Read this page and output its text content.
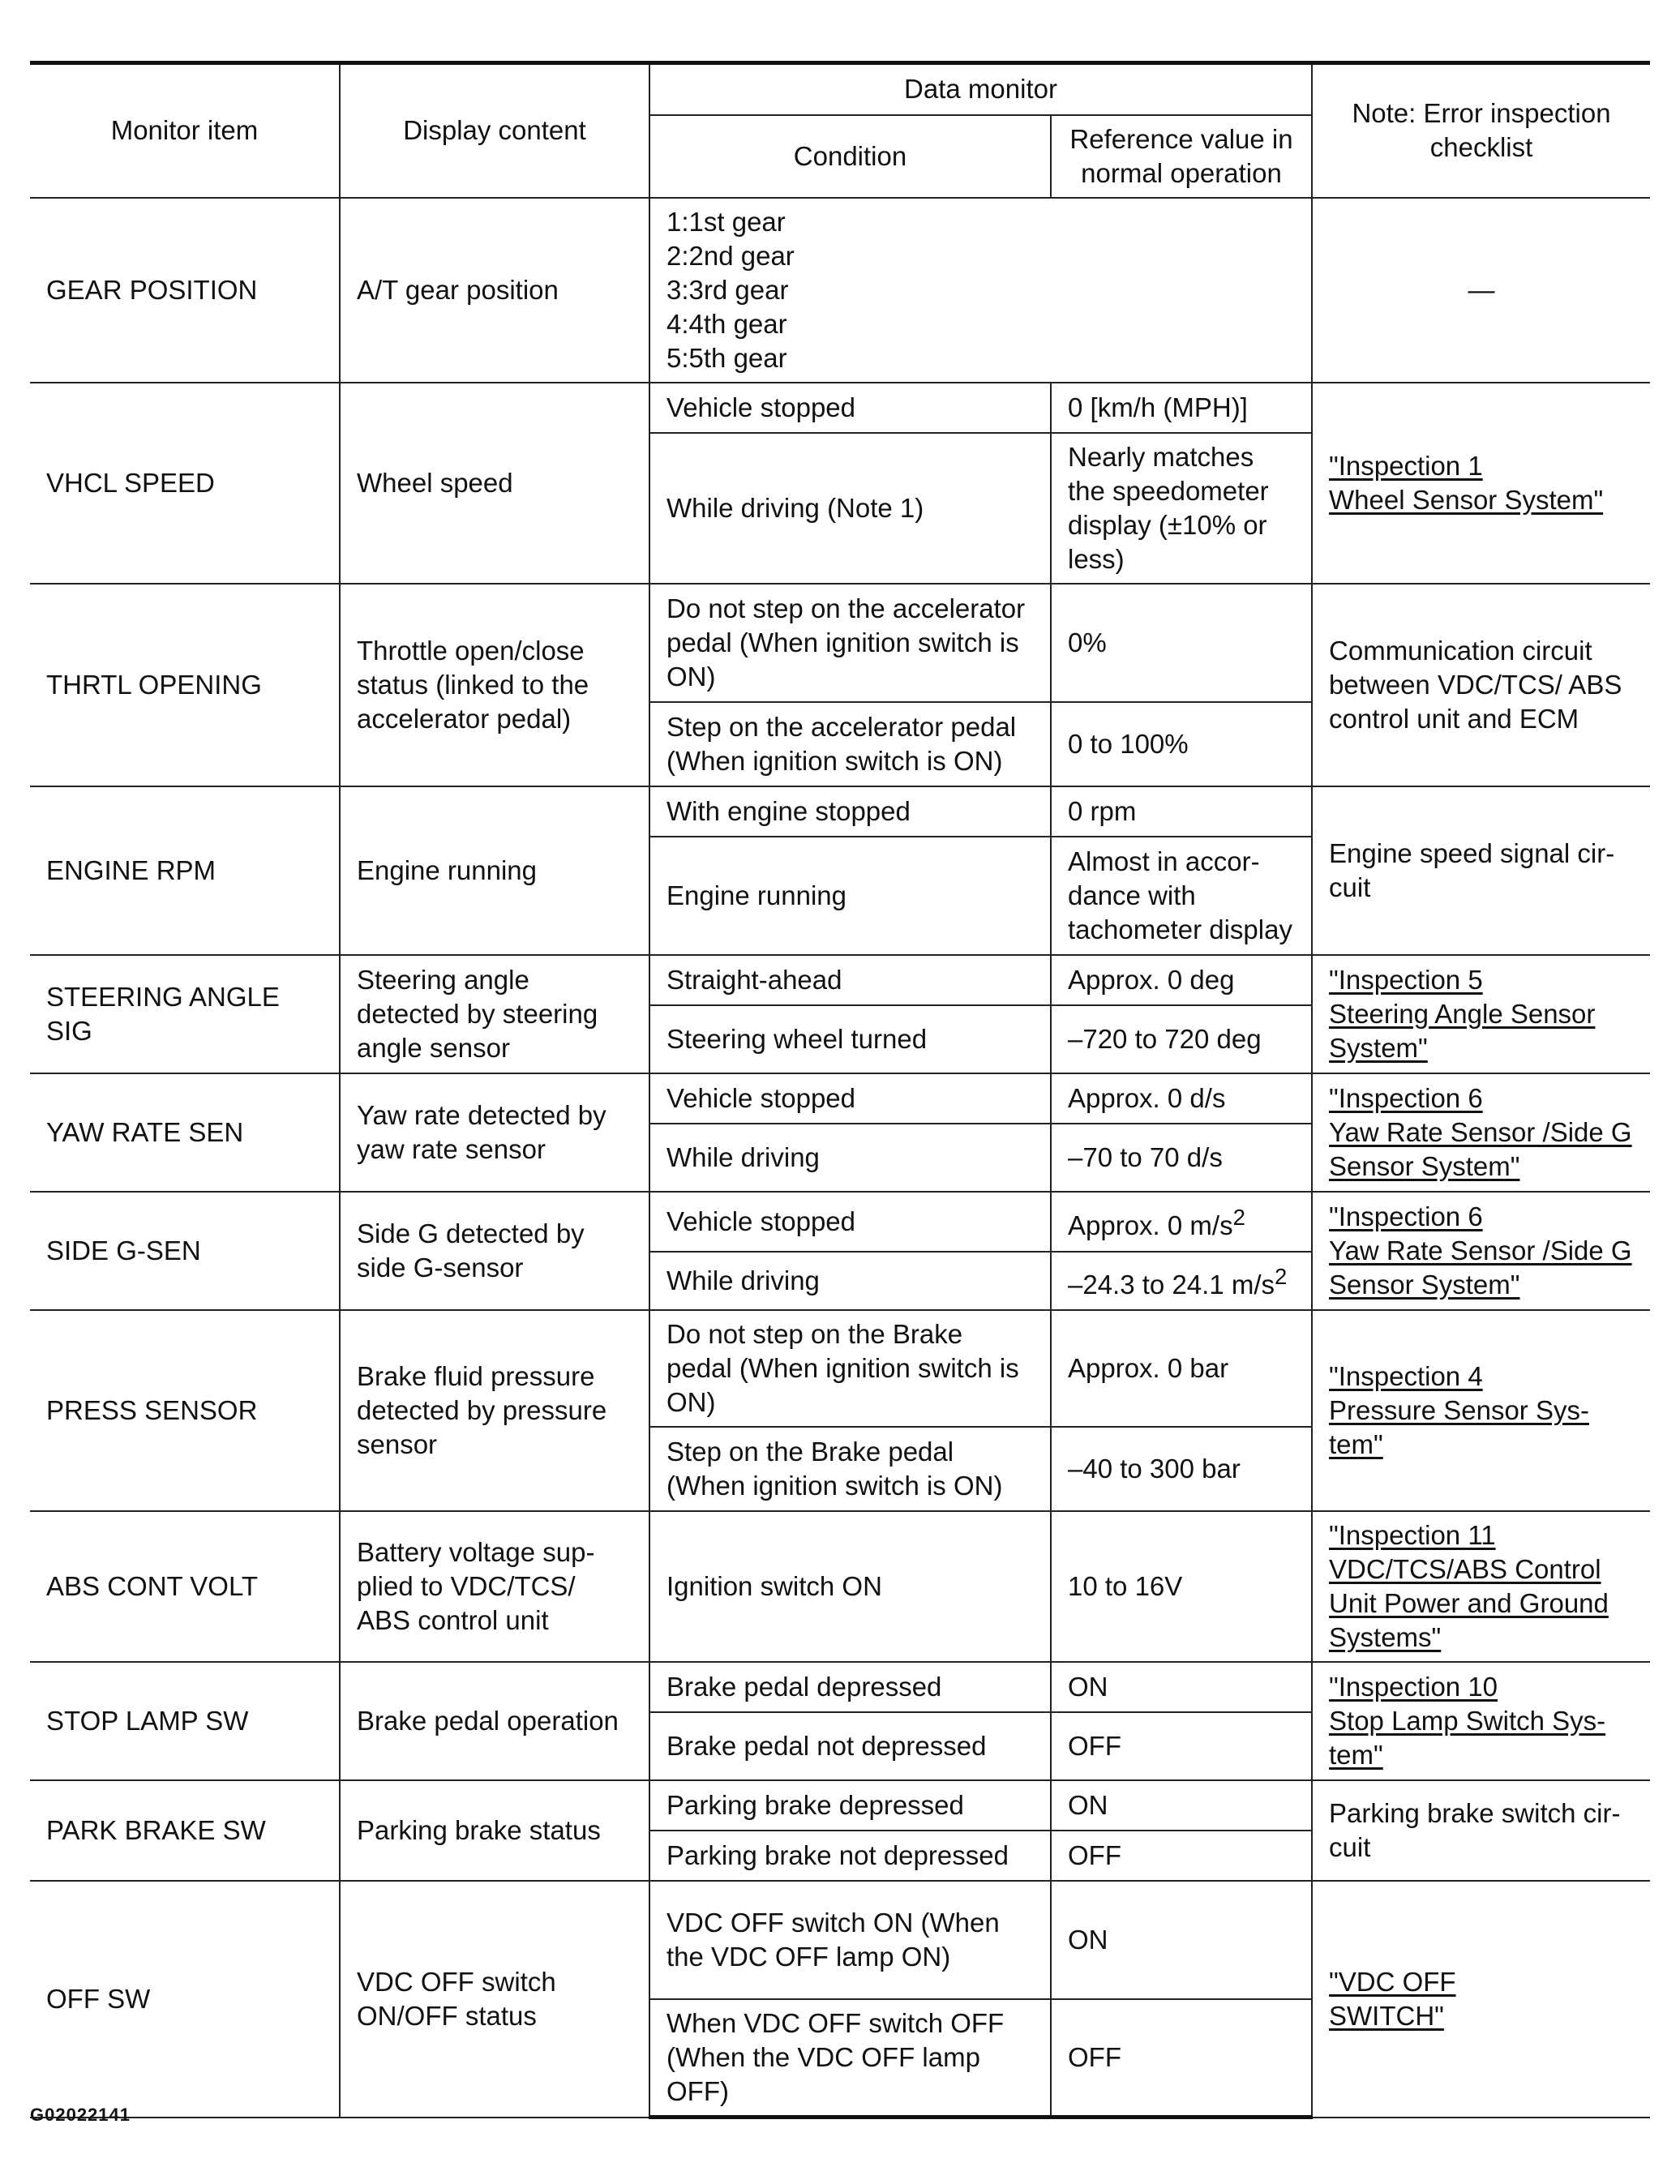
Monitor item	Display content	Data monitor		Note: Error inspection checklist
		Condition	Reference value in normal operation	
GEAR POSITION	A/T gear position	1:1st gear
2:2nd gear
3:3rd gear
4:4th gear
5:5th gear		—
VHCL SPEED	Wheel speed	Vehicle stopped	0 [km/h (MPH)]	"Inspection 1
Wheel Sensor System"
		While driving (Note 1)	Nearly matches the speedometer display (±10% or less)	
THRTL OPENING	Throttle open/close status (linked to the accelerator pedal)	Do not step on the accelerator pedal (When ignition switch is ON)	0%	Communication circuit between VDC/TCS/ ABS control unit and ECM
		Step on the accelerator pedal (When ignition switch is ON)	0 to 100%	
ENGINE RPM	Engine running	With engine stopped	0 rpm	Engine speed signal cir-cuit
		Engine running	Almost in accor-dance with tachometer display	
STEERING ANGLE SIG	Steering angle detected by steering angle sensor	Straight-ahead	Approx. 0 deg	"Inspection 5
Steering Angle Sensor System"
		Steering wheel turned	–720 to 720 deg	
YAW RATE SEN	Yaw rate detected by yaw rate sensor	Vehicle stopped	Approx. 0 d/s	"Inspection 6
Yaw Rate Sensor /Side G Sensor System"
		While driving	–70 to 70 d/s	
SIDE G-SEN	Side G detected by side G-sensor	Vehicle stopped	Approx. 0 $m/s^2$	"Inspection 6
Yaw Rate Sensor /Side G Sensor System"
		While driving	–24.3 to 24.1 $m/s^2$
PRESS SENSOR	Brake fluid pressure detected by pressure sensor	Do not step on the Brake pedal (When ignition switch is ON)	Approx. 0 bar	"Inspection 4
Pressure Sensor Sys-tem"
		Step on the Brake pedal (When ignition switch is ON)	–40 to 300 bar	
ABS CONT VOLT	Battery voltage sup-plied to VDC/TCS/ ABS control unit	Ignition switch ON	10 to 16V	"Inspection 11
VDC/TCS/ABS Control Unit Power and Ground Systems"
STOP LAMP SW	Brake pedal operation	Brake pedal depressed	ON	"Inspection 10
Stop Lamp Switch Sys-tem"
		Brake pedal not depressed	OFF	
PARK BRAKE SW	Parking brake status	Parking brake depressed	ON	Parking brake switch cir-cuit
		Parking brake not depressed	OFF	
OFF SW	VDC OFF switch ON/OFF status	VDC OFF switch ON (When the VDC OFF lamp ON)	ON	"VDC OFF
SWITCH"
		When VDC OFF switch OFF (When the VDC OFF lamp OFF)	OFF	
G02022141
